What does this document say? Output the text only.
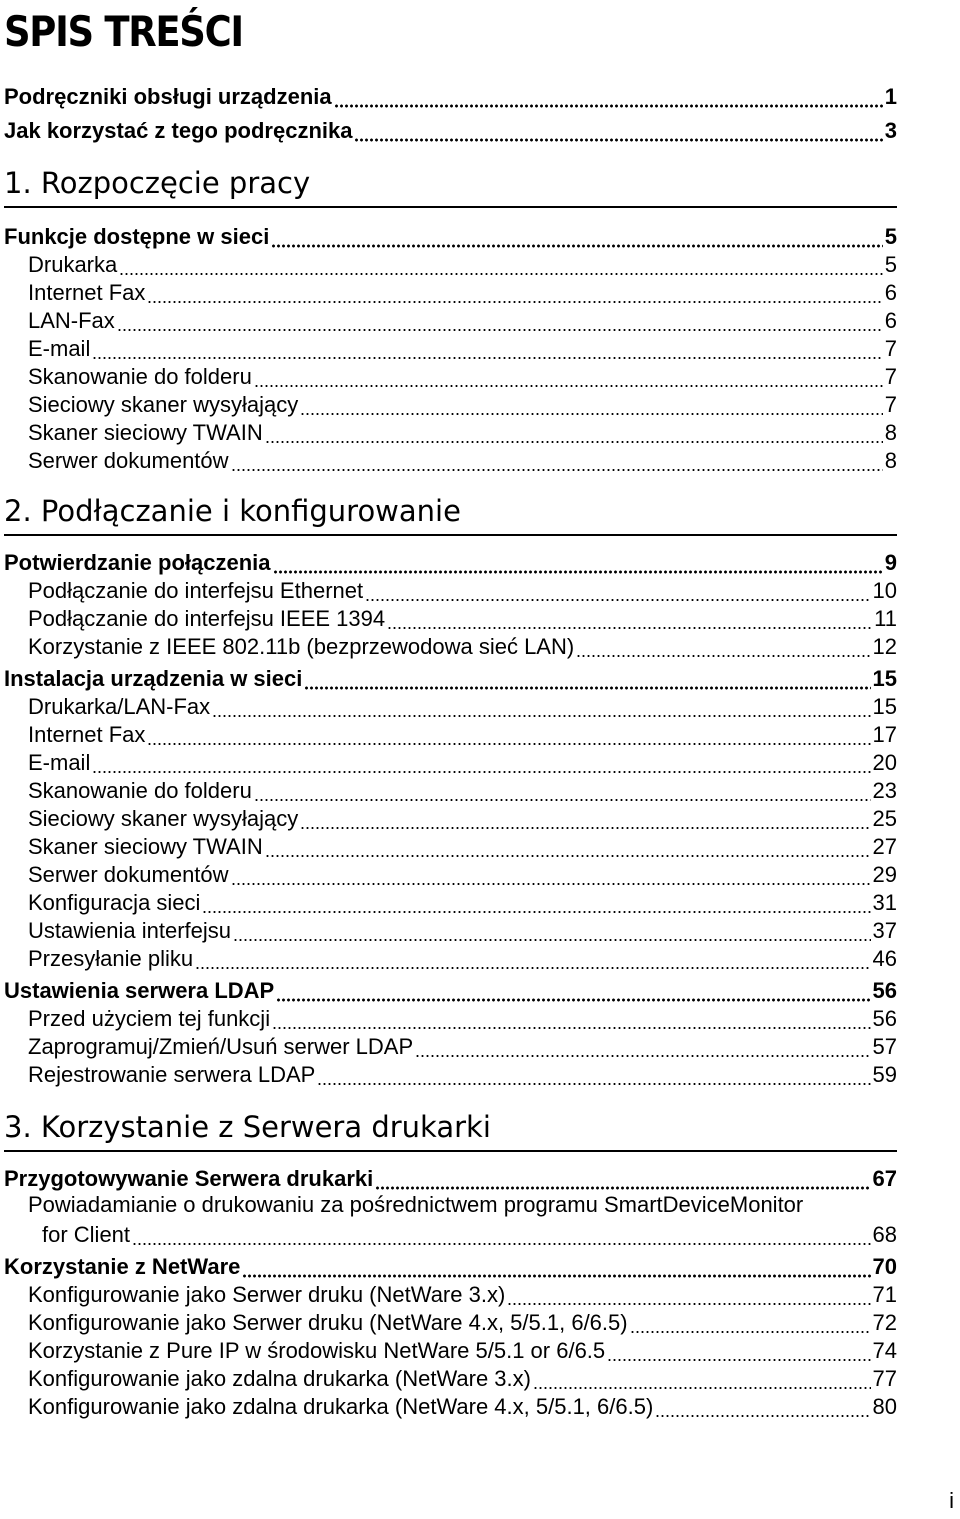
SPIS TREŚCI
Podręczniki obsługi urządzenia	1
Jak korzystać z tego podręcznika	3
1. Rozpoczęcie pracy
Funkcje dostępne w sieci	5
Drukarka	5
Internet Fax	6
LAN-Fax	6
E-mail	7
Skanowanie do folderu	7
Sieciowy skaner wysyłający	7
Skaner sieciowy TWAIN	8
Serwer dokumentów	8
2. Podłączanie i konfigurowanie
Potwierdzanie połączenia	9
Podłączanie do interfejsu Ethernet	10
Podłączanie do interfejsu IEEE 1394	11
Korzystanie z IEEE 802.11b (bezprzewodowa sieć LAN)	12
Instalacja urządzenia w sieci	15
Drukarka/LAN-Fax	15
Internet Fax	17
E-mail	20
Skanowanie do folderu	23
Sieciowy skaner wysyłający	25
Skaner sieciowy TWAIN	27
Serwer dokumentów	29
Konfiguracja sieci	31
Ustawienia interfejsu	37
Przesyłanie pliku	46
Ustawienia serwera LDAP	56
Przed użyciem tej funkcji	56
Zaprogramuj/Zmień/Usuń serwer LDAP	57
Rejestrowanie serwera LDAP	59
3. Korzystanie z Serwera drukarki
Przygotowywanie Serwera drukarki	67
Powiadamianie o drukowaniu za pośrednictwem programu SmartDeviceMonitor
for Client	68
Korzystanie z NetWare	70
Konfigurowanie jako Serwer druku (NetWare 3.x)	71
Konfigurowanie jako Serwer druku (NetWare 4.x, 5/5.1, 6/6.5)	72
Korzystanie z Pure IP w środowisku NetWare 5/5.1 or 6/6.5	74
Konfigurowanie jako zdalna drukarka (NetWare 3.x)	77
Konfigurowanie jako zdalna drukarka (NetWare 4.x, 5/5.1, 6/6.5)	80
i
